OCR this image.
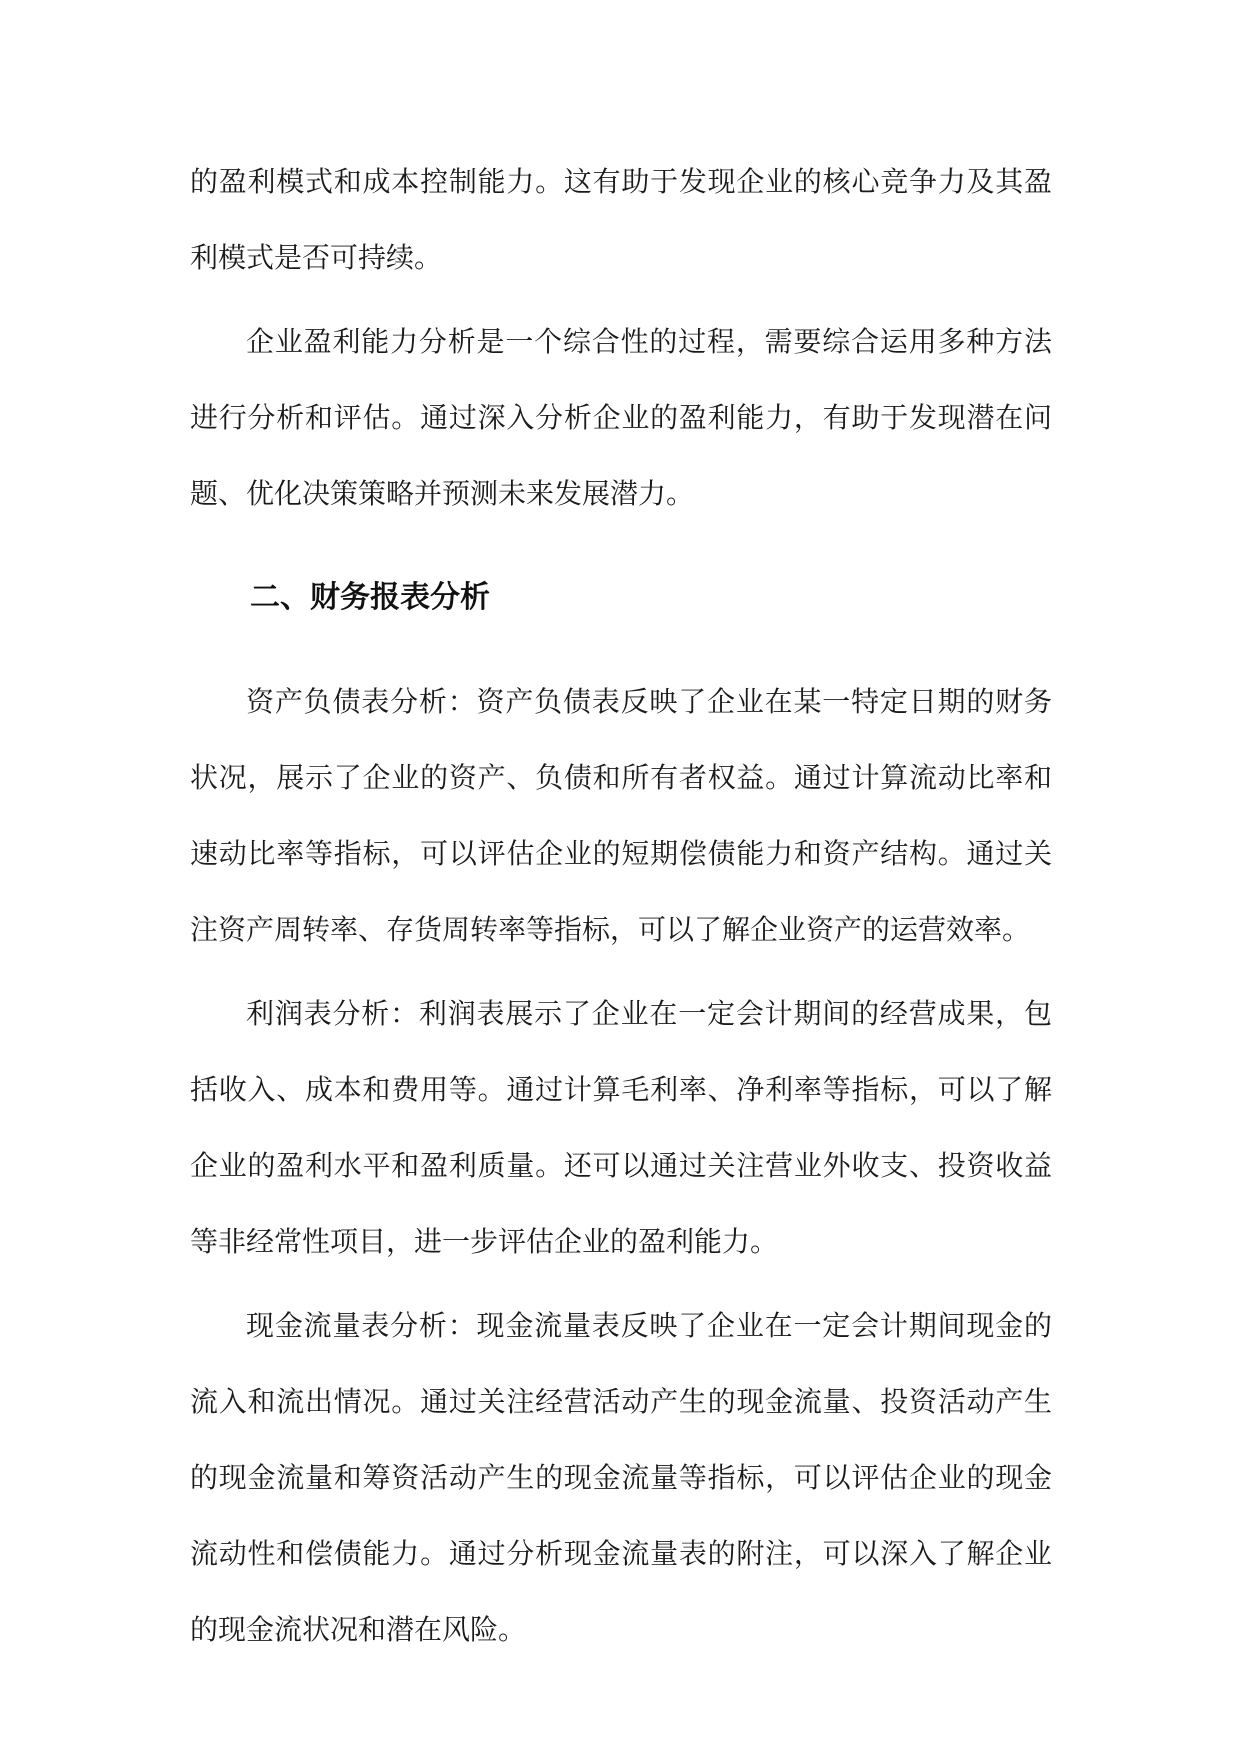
的盈利模式和成本控制能力。这有助于发现企业的核心竞争力及其盈利模式是否可持续。

企业盈利能力分析是一个综合性的过程，需要综合运用多种方法进行分析和评估。通过深入分析企业的盈利能力，有助于发现潜在问题、优化决策策略并预测未来发展潜力。

二、财务报表分析

资产负债表分析：资产负债表反映了企业在某一特定日期的财务状况，展示了企业的资产、负债和所有者权益。通过计算流动比率和速动比率等指标，可以评估企业的短期偿债能力和资产结构。通过关注资产周转率、存货周转率等指标，可以了解企业资产的运营效率。

利润表分析：利润表展示了企业在一定会计期间的经营成果，包括收入、成本和费用等。通过计算毛利率、净利率等指标，可以了解企业的盈利水平和盈利质量。还可以通过关注营业外收支、投资收益等非经常性项目，进一步评估企业的盈利能力。

现金流量表分析：现金流量表反映了企业在一定会计期间现金的流入和流出情况。通过关注经营活动产生的现金流量、投资活动产生的现金流量和筹资活动产生的现金流量等指标，可以评估企业的现金流动性和偿债能力。通过分析现金流量表的附注，可以深入了解企业的现金流状况和潜在风险。
